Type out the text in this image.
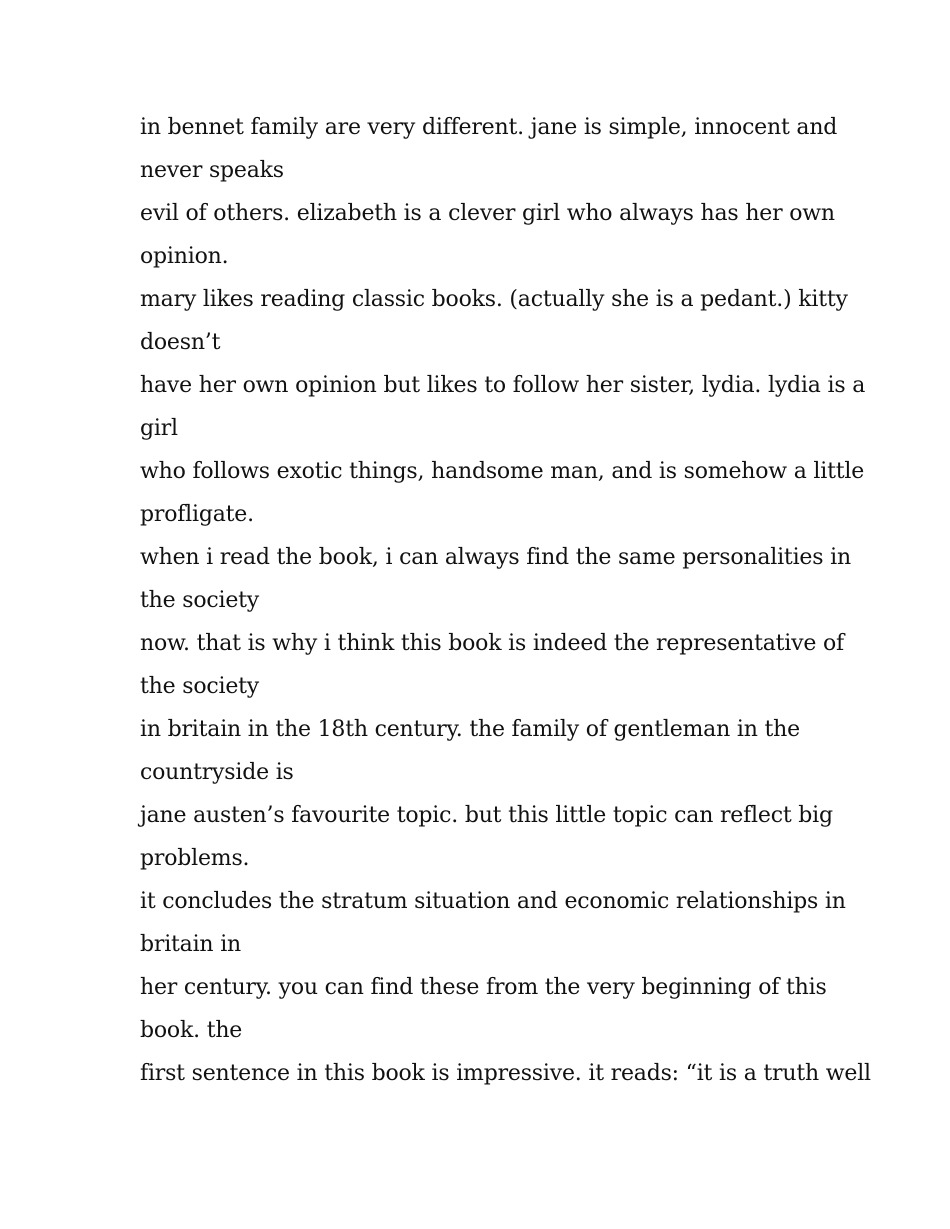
in bennet family are very different. jane is simple, innocent and
never speaks
evil of others. elizabeth is a clever girl who always has her own
opinion.
mary likes reading classic books. (actually she is a pedant.) kitty
doesn’t
have her own opinion but likes to follow her sister, lydia. lydia is a
girl
who follows exotic things, handsome man, and is somehow a little
profligate.
when i read the book, i can always find the same personalities in
the society
now. that is why i think this book is indeed the representative of
the society
in britain in the 18th century. the family of gentleman in the
countryside is
jane austen’s favourite topic. but this little topic can reflect big
problems.
it concludes the stratum situation and economic relationships in
britain in
her century. you can find these from the very beginning of this
book. the
first sentence in this book is impressive. it reads: “it is a truth well
